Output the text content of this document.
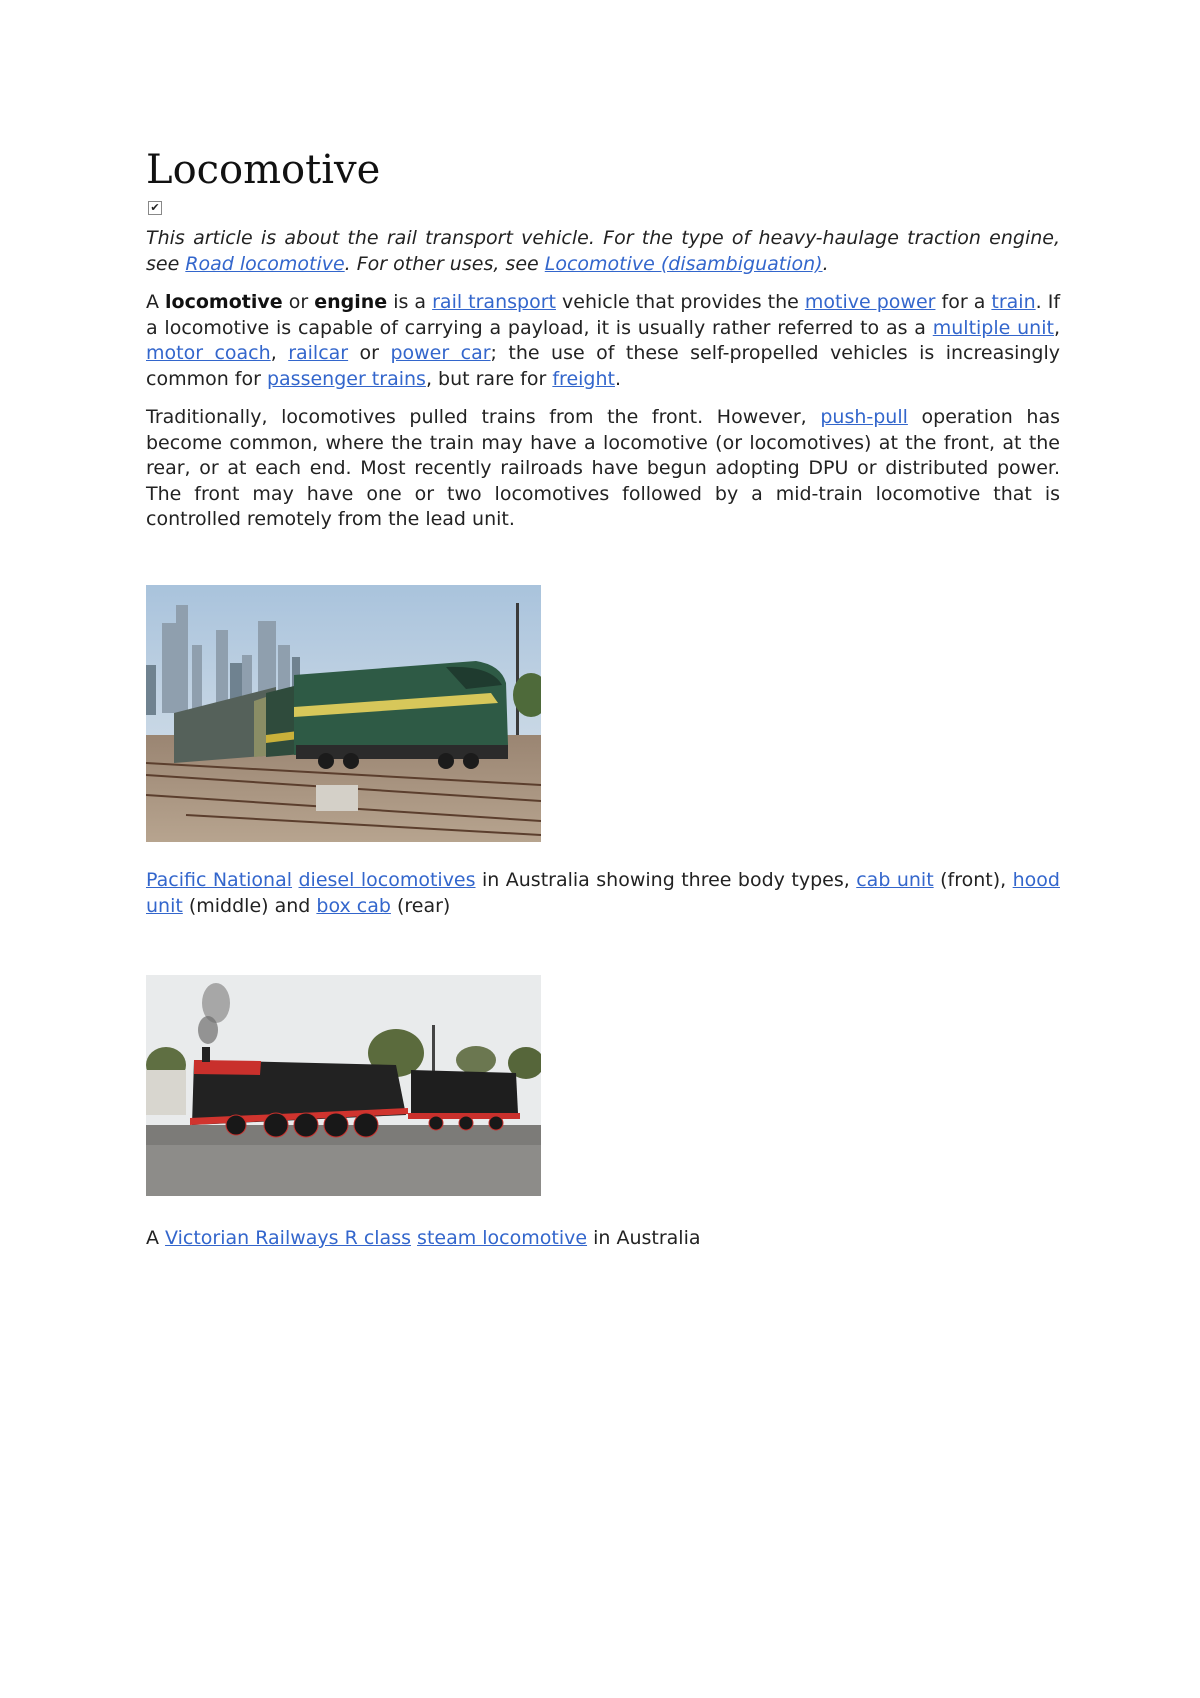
Locomotive
✔

This article is about the rail transport vehicle. For the type of heavy-haulage traction engine, see Road locomotive. For other uses, see Locomotive (disambiguation).

A locomotive or engine is a rail transport vehicle that provides the motive power for a train. If a locomotive is capable of carrying a payload, it is usually rather referred to as a multiple unit, motor coach, railcar or power car; the use of these self-propelled vehicles is increasingly common for passenger trains, but rare for freight.

Traditionally, locomotives pulled trains from the front. However, push-pull operation has become common, where the train may have a locomotive (or locomotives) at the front, at the rear, or at each end. Most recently railroads have begun adopting DPU or distributed power. The front may have one or two locomotives followed by a mid-train locomotive that is controlled remotely from the lead unit.

Pacific National diesel locomotives in Australia showing three body types, cab unit (front), hood unit (middle) and box cab (rear)

A Victorian Railways R class steam locomotive in Australia
